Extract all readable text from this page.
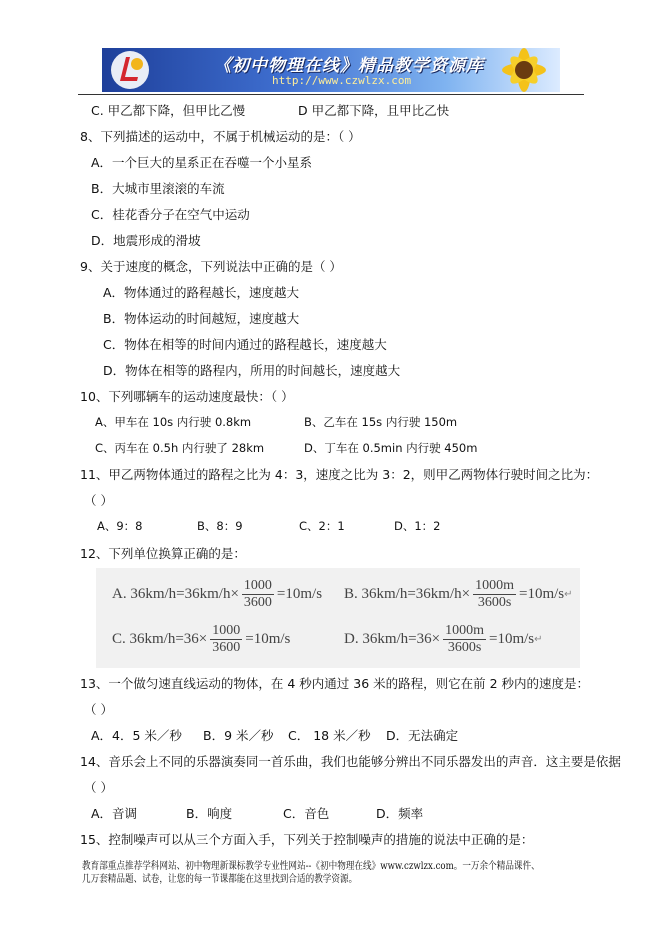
《初中物理在线》精品教学资源库
http://www.czwlzx.com
C. 甲乙都下降，但甲比乙慢	D 甲乙都下降，且甲比乙快
8、下列描述的运动中，不属于机械运动的是：（ ）
A．一个巨大的星系正在吞噬一个小星系
B．大城市里滚滚的车流
C．桂花香分子在空气中运动
D．地震形成的滑坡
9、关于速度的概念，下列说法中正确的是（ ）
A．物体通过的路程越长，速度越大
B．物体运动的时间越短，速度越大
C．物体在相等的时间内通过的路程越长，速度越大
D．物体在相等的路程内，所用的时间越长，速度越大
10、下列哪辆车的运动速度最快：（ ）
A、甲车在 10s 内行驶 0.8km	B、乙车在 15s 内行驶 150m
C、丙车在 0.5h 内行驶了 28km	D、丁车在 0.5min 内行驶 450m
11、甲乙两物体通过的路程之比为 4：3，速度之比为 3：2，则甲乙两物体行驶时间之比为：
（ ）
A、9：8	B、8：9	C、2：1	D、1：2
12、下列单位换算正确的是：
A. $36km/h=36km/h\times \frac{1000}{3600} =10m/s$ B. $36km/h=36km/h\times \frac{1000m}{3600s} =10m/s$ ↵
C. $36km/h=36\times \frac{1000}{3600} =10m/s$	D. $36km/h=36\times \frac{1000m}{3600s} =10m/s$ ↵
13、一个做匀速直线运动的物体，在 4 秒内通过 36 米的路程，则它在前 2 秒内的速度是：
（ ）
A．4．5 米／秒 B．9 米／秒 C． 18 米／秒 D．无法确定
14、音乐会上不同的乐器演奏同一首乐曲，我们也能够分辨出不同乐器发出的声音．这主要是依据
（ ）
A．音调	B．响度	C．音色	D．频率
15、控制噪声可以从三个方面入手，下列关于控制噪声的措施的说法中正确的是：
教育部重点推荐学科网站、初中物理新课标教学专业性网站--《初中物理在线》www.czwlzx.com。一万余个精品课件、
几万套精品题、试卷，让您的每一节课都能在这里找到合适的教学资源。
